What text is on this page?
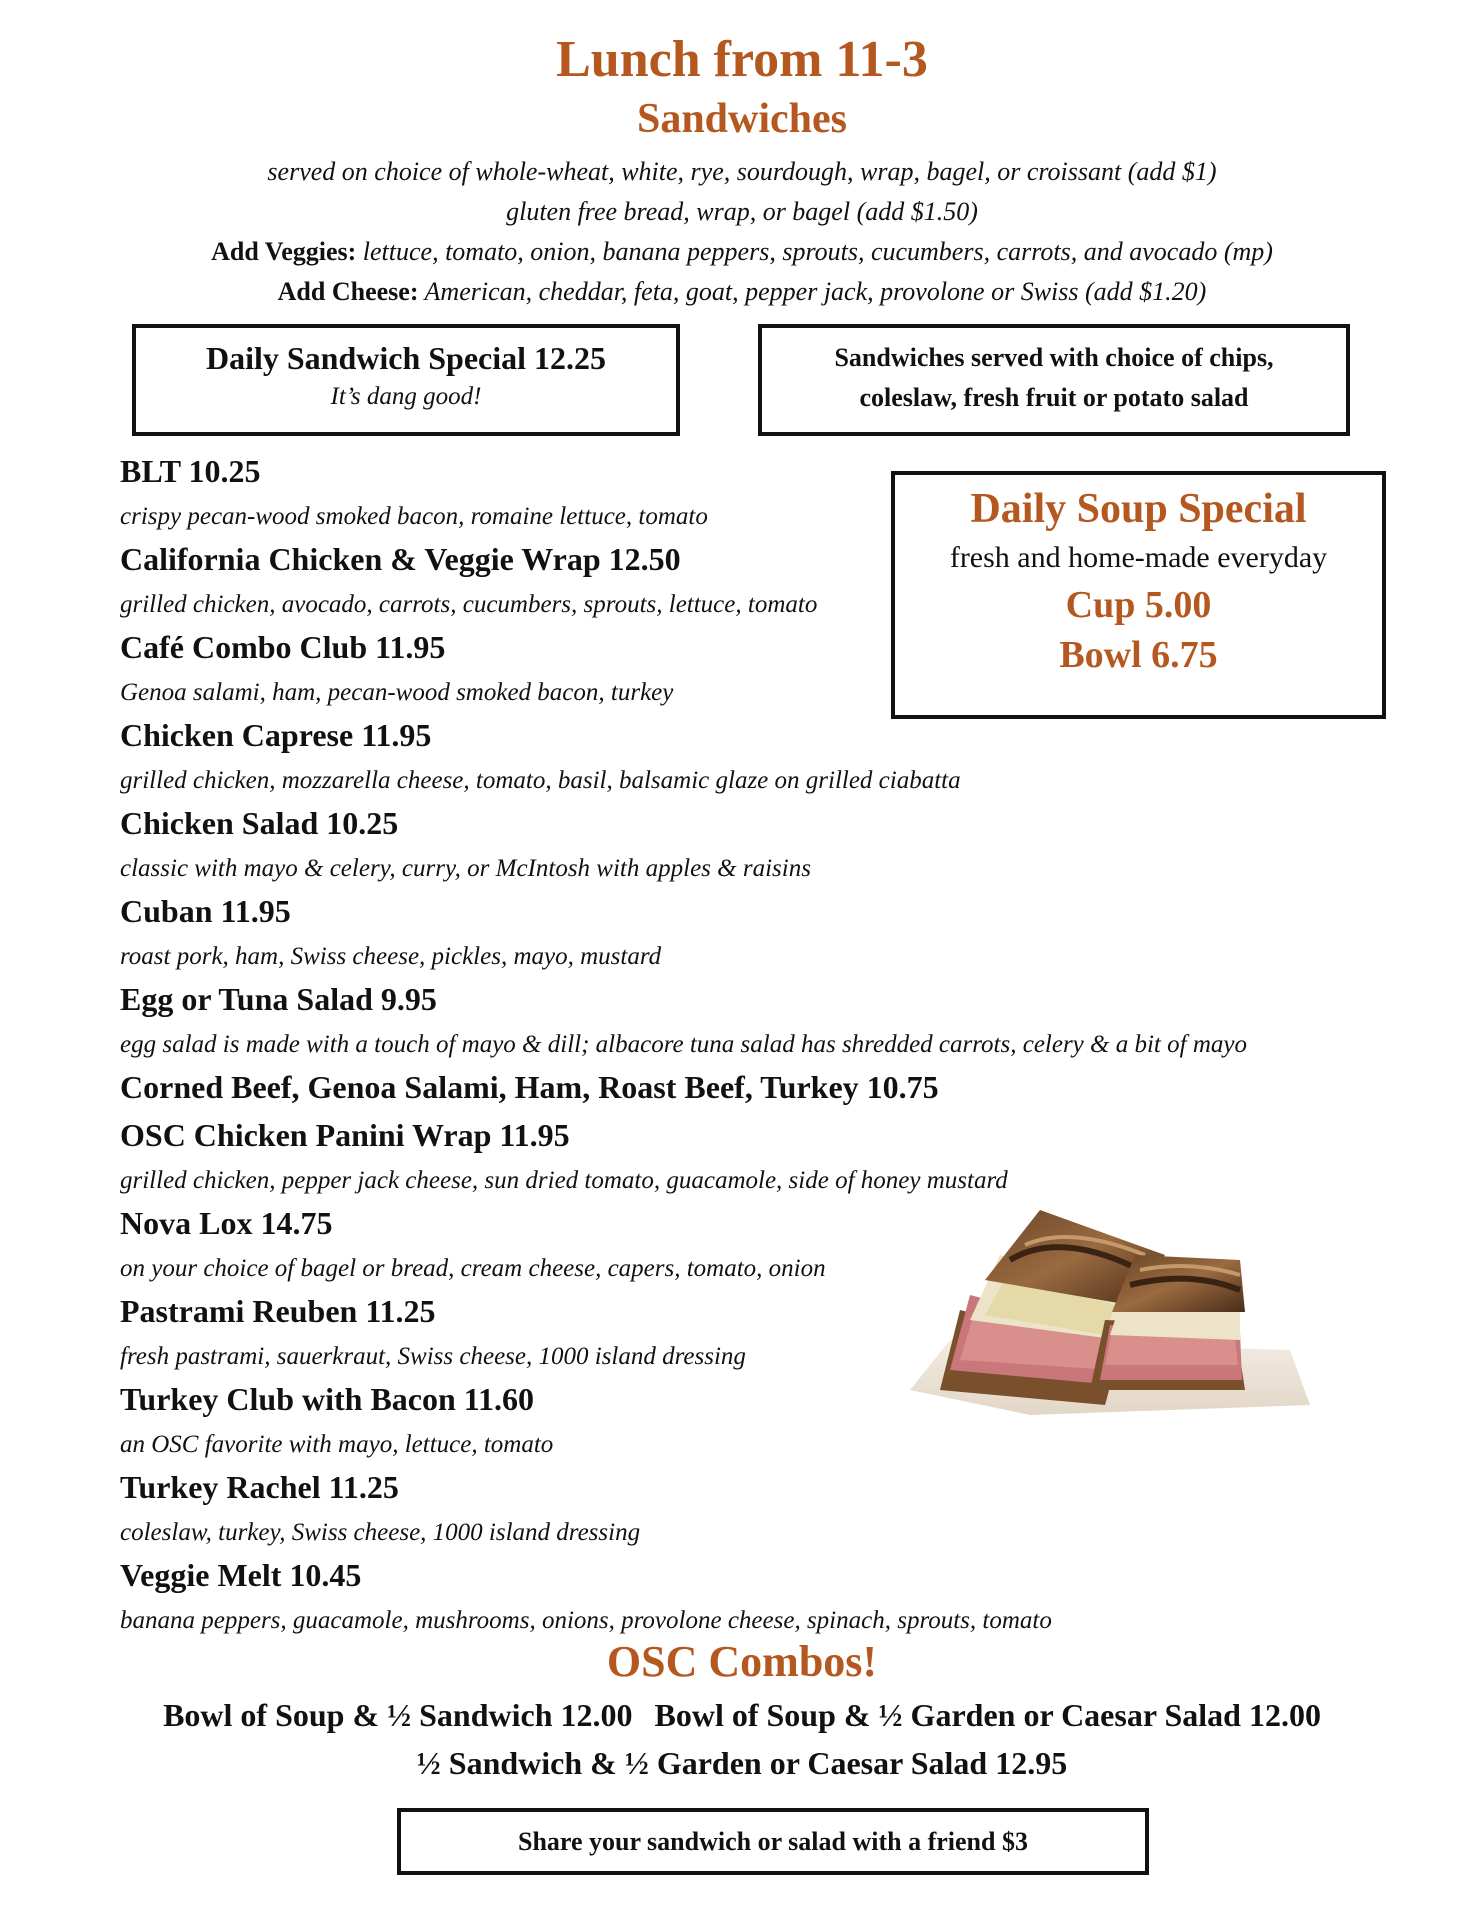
Lunch from 11-3
Sandwiches
served on choice of whole-wheat, white, rye, sourdough, wrap, bagel, or croissant (add $1)
gluten free bread, wrap, or bagel (add $1.50)
Add Veggies: lettuce, tomato, onion, banana peppers, sprouts, cucumbers, carrots, and avocado (mp)
Add Cheese: American, cheddar, feta, goat, pepper jack, provolone or Swiss (add $1.20)
Daily Sandwich Special 12.25
It’s dang good!
Sandwiches served with choice of chips,
coleslaw, fresh fruit or potato salad
Daily Soup Special
fresh and home-made everyday
Cup 5.00
Bowl 6.75
BLT 10.25
crispy pecan-wood smoked bacon, romaine lettuce, tomato
California Chicken & Veggie Wrap 12.50
grilled chicken, avocado, carrots, cucumbers, sprouts, lettuce, tomato
Café Combo Club 11.95
Genoa salami, ham, pecan-wood smoked bacon, turkey
Chicken Caprese 11.95
grilled chicken, mozzarella cheese, tomato, basil, balsamic glaze on grilled ciabatta
Chicken Salad 10.25
classic with mayo & celery, curry, or McIntosh with apples & raisins
Cuban 11.95
roast pork, ham, Swiss cheese, pickles, mayo, mustard
Egg or Tuna Salad 9.95
egg salad is made with a touch of mayo & dill; albacore tuna salad has shredded carrots, celery & a bit of mayo
Corned Beef, Genoa Salami, Ham, Roast Beef, Turkey 10.75
OSC Chicken Panini Wrap 11.95
grilled chicken, pepper jack cheese, sun dried tomato, guacamole, side of honey mustard
Nova Lox 14.75
on your choice of bagel or bread, cream cheese, capers, tomato, onion
Pastrami Reuben 11.25
fresh pastrami, sauerkraut, Swiss cheese, 1000 island dressing
Turkey Club with Bacon 11.60
an OSC favorite with mayo, lettuce, tomato
Turkey Rachel 11.25
coleslaw, turkey, Swiss cheese, 1000 island dressing
Veggie Melt 10.45
banana peppers, guacamole, mushrooms, onions, provolone cheese, spinach, sprouts, tomato
OSC Combos!
Bowl of Soup & ½ Sandwich 12.00 Bowl of Soup & ½ Garden or Caesar Salad 12.00
½ Sandwich & ½ Garden or Caesar Salad 12.95
Share your sandwich or salad with a friend $3
